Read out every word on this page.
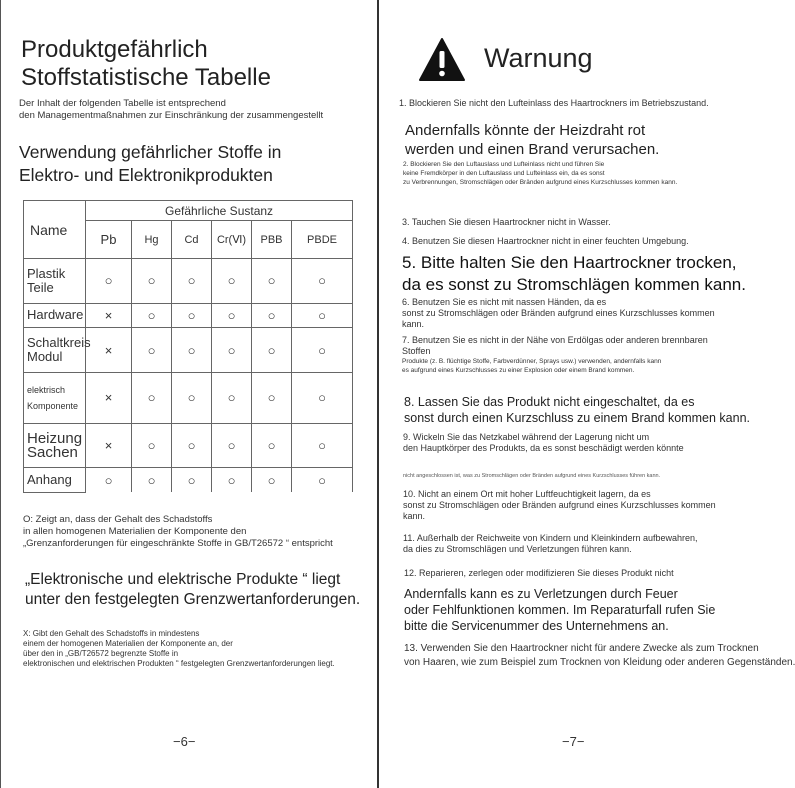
Produktgefährlich
Stoffstatistische Tabelle
Der Inhalt der folgenden Tabelle ist entsprechend
den Managementmaßnahmen zur Einschränkung der zusammengestellt
Verwendung gefährlicher Stoffe in
Elektro- und Elektronikprodukten
Name	Gefährliche Sustanz					
	Pb	Hg	Cd	Cr(Ⅵ)	PBB	PBDE

Plastik
Teile	○	○	○	○	○	○

Hardware	×	○	○	○	○	○

Schaltkreis
Modul	×	○	○	○	○	○

elektrisch
Komponente	×	○	○	○	○	○

Heizung
Sachen	×	○	○	○	○	○

Anhang	○	○	○	○	○	○
O: Zeigt an, dass der Gehalt des Schadstoffs
in allen homogenen Materialien der Komponente den
„Grenzanforderungen für eingeschränkte Stoffe in GB/T26572 “ entspricht
„Elektronische und elektrische Produkte “ liegt
unter den festgelegten Grenzwertanforderungen.
X: Gibt den Gehalt des Schadstoffs in mindestens
einem der homogenen Materialien der Komponente an, der
über den in „GB/T26572 begrenzte Stoffe in
elektronischen und elektrischen Produkten “ festgelegten Grenzwertanforderungen liegt.
−6−
Warnung
1. Blockieren Sie nicht den Lufteinlass des Haartrockners im Betriebszustand.
Andernfalls könnte der Heizdraht rot
werden und einen Brand verursachen.
2. Blockieren Sie den Luftauslass und Lufteinlass nicht und führen Sie
keine Fremdkörper in den Luftauslass und Lufteinlass ein, da es sonst
zu Verbrennungen, Stromschlägen oder Bränden aufgrund eines Kurzschlusses kommen kann.
3. Tauchen Sie diesen Haartrockner nicht in Wasser.
4. Benutzen Sie diesen Haartrockner nicht in einer feuchten Umgebung.
5. Bitte halten Sie den Haartrockner trocken,
da es sonst zu Stromschlägen kommen kann.
6. Benutzen Sie es nicht mit nassen Händen, da es
sonst zu Stromschlägen oder Bränden aufgrund eines Kurzschlusses kommen
kann.
7. Benutzen Sie es nicht in der Nähe von Erdölgas oder anderen brennbaren
Stoffen
Produkte (z. B. flüchtige Stoffe, Farbverdünner, Sprays usw.) verwenden, andernfalls kann
es aufgrund eines Kurzschlusses zu einer Explosion oder einem Brand kommen.
8. Lassen Sie das Produkt nicht eingeschaltet, da es
sonst durch einen Kurzschluss zu einem Brand kommen kann.
9. Wickeln Sie das Netzkabel während der Lagerung nicht um
den Hauptkörper des Produkts, da es sonst beschädigt werden könnte
nicht angeschlossen ist, was zu Stromschlägen oder Bränden aufgrund eines Kurzschlusses führen kann.
10. Nicht an einem Ort mit hoher Luftfeuchtigkeit lagern, da es
sonst zu Stromschlägen oder Bränden aufgrund eines Kurzschlusses kommen
kann.
11. Außerhalb der Reichweite von Kindern und Kleinkindern aufbewahren,
da dies zu Stromschlägen und Verletzungen führen kann.
12. Reparieren, zerlegen oder modifizieren Sie dieses Produkt nicht
Andernfalls kann es zu Verletzungen durch Feuer
oder Fehlfunktionen kommen. Im Reparaturfall rufen Sie
bitte die Servicenummer des Unternehmens an.
13. Verwenden Sie den Haartrockner nicht für andere Zwecke als zum Trocknen
von Haaren, wie zum Beispiel zum Trocknen von Kleidung oder anderen Gegenständen.
−7−
